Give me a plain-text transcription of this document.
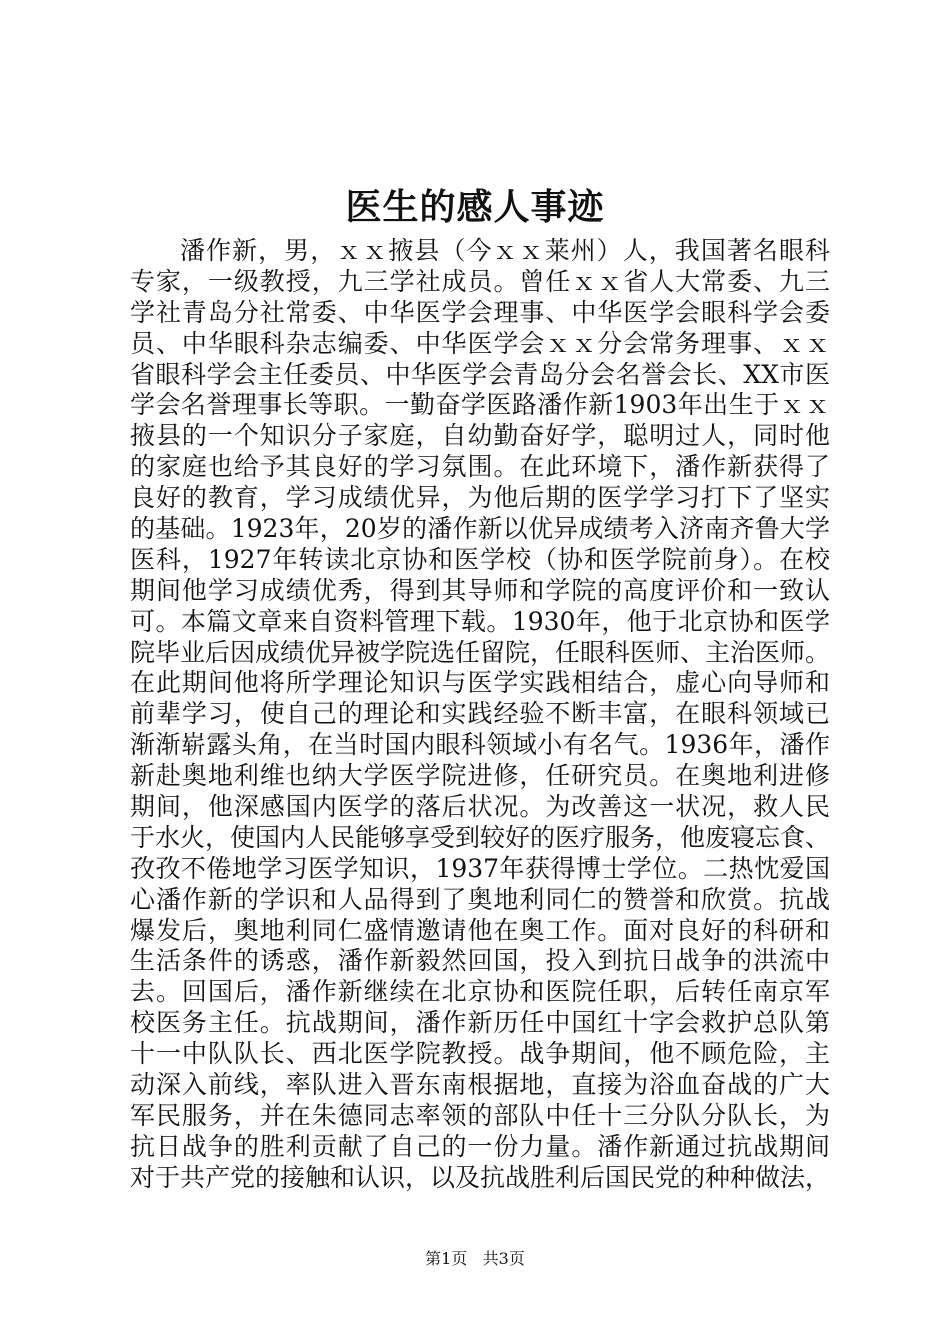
医生的感人事迹
潘作新，男，ｘｘ掖县（今ｘｘ莱州）人，我国著名眼科
专家，一级教授，九三学社成员。曾任ｘｘ省人大常委、九三
学社青岛分社常委、中华医学会理事、中华医学会眼科学会委
员、中华眼科杂志编委、中华医学会ｘｘ分会常务理事、ｘｘ
省眼科学会主任委员、中华医学会青岛分会名誉会长、XX市医
学会名誉理事长等职。一勤奋学医路潘作新1903年出生于ｘｘ
掖县的一个知识分子家庭，自幼勤奋好学，聪明过人，同时他
的家庭也给予其良好的学习氛围。在此环境下，潘作新获得了
良好的教育，学习成绩优异，为他后期的医学学习打下了坚实
的基础。1923年，20岁的潘作新以优异成绩考入济南齐鲁大学
医科，1927年转读北京协和医学校（协和医学院前身）。在校
期间他学习成绩优秀，得到其导师和学院的高度评价和一致认
可。本篇文章来自资料管理下载。1930年，他于北京协和医学
院毕业后因成绩优异被学院选任留院，任眼科医师、主治医师。
在此期间他将所学理论知识与医学实践相结合，虚心向导师和
前辈学习，使自己的理论和实践经验不断丰富，在眼科领域已
渐渐崭露头角，在当时国内眼科领域小有名气。1936年，潘作
新赴奥地利维也纳大学医学院进修，任研究员。在奥地利进修
期间，他深感国内医学的落后状况。为改善这一状况，救人民
于水火，使国内人民能够享受到较好的医疗服务，他废寝忘食、
孜孜不倦地学习医学知识，1937年获得博士学位。二热忱爱国
心潘作新的学识和人品得到了奥地利同仁的赞誉和欣赏。抗战
爆发后，奥地利同仁盛情邀请他在奥工作。面对良好的科研和
生活条件的诱惑，潘作新毅然回国，投入到抗日战争的洪流中
去。回国后，潘作新继续在北京协和医院任职，后转任南京军
校医务主任。抗战期间，潘作新历任中国红十字会救护总队第
十一中队队长、西北医学院教授。战争期间，他不顾危险，主
动深入前线，率队进入晋东南根据地，直接为浴血奋战的广大
军民服务，并在朱德同志率领的部队中任十三分队分队长，为
抗日战争的胜利贡献了自己的一份力量。潘作新通过抗战期间
对于共产党的接触和认识，以及抗战胜利后国民党的种种做法，
第1页 共3页
